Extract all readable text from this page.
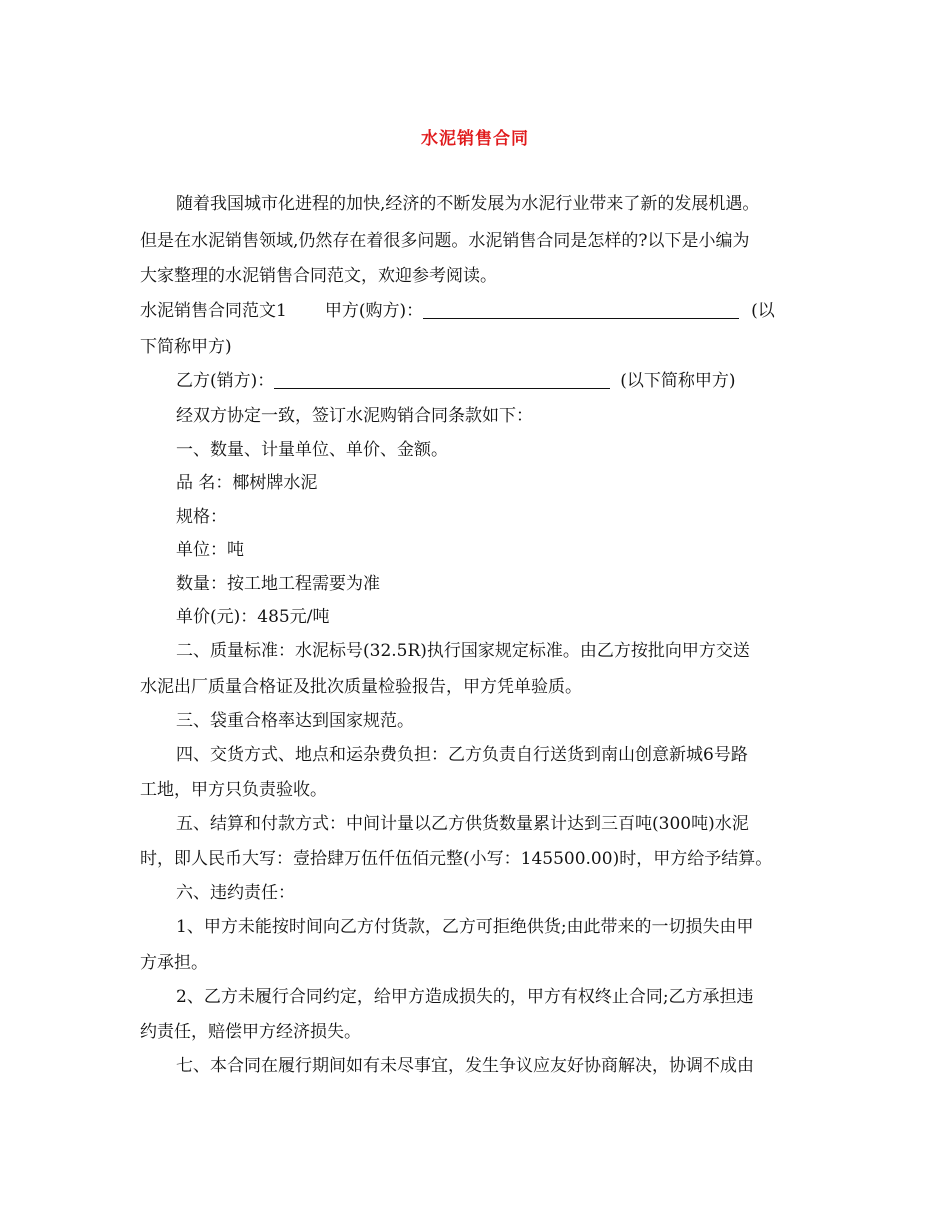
水泥销售合同
随着我国城市化进程的加快,经济的不断发展为水泥行业带来了新的发展机遇。
但是在水泥销售领域,仍然存在着很多问题。水泥销售合同是怎样的?以下是小编为
大家整理的水泥销售合同范文，欢迎参考阅读。
水泥销售合同范文1 甲方(购方)：	(以
下简称甲方)
乙方(销方)：	(以下简称甲方)
经双方协定一致，签订水泥购销合同条款如下：
一、数量、计量单位、单价、金额。
品 名：椰树牌水泥
规格：
单位：吨
数量：按工地工程需要为准
单价(元)：485元/吨
二、质量标准：水泥标号(32.5R)执行国家规定标准。由乙方按批向甲方交送
水泥出厂质量合格证及批次质量检验报告，甲方凭单验质。
三、袋重合格率达到国家规范。
四、交货方式、地点和运杂费负担：乙方负责自行送货到南山创意新城6号路
工地，甲方只负责验收。
五、结算和付款方式：中间计量以乙方供货数量累计达到三百吨(300吨)水泥
时，即人民币大写：壹拾肆万伍仟伍佰元整(小写：145500.00)时，甲方给予结算。
六、违约责任：
1、甲方未能按时间向乙方付货款，乙方可拒绝供货;由此带来的一切损失由甲
方承担。
2、乙方未履行合同约定，给甲方造成损失的，甲方有权终止合同;乙方承担违
约责任，赔偿甲方经济损失。
七、本合同在履行期间如有未尽事宜，发生争议应友好协商解决，协调不成由
